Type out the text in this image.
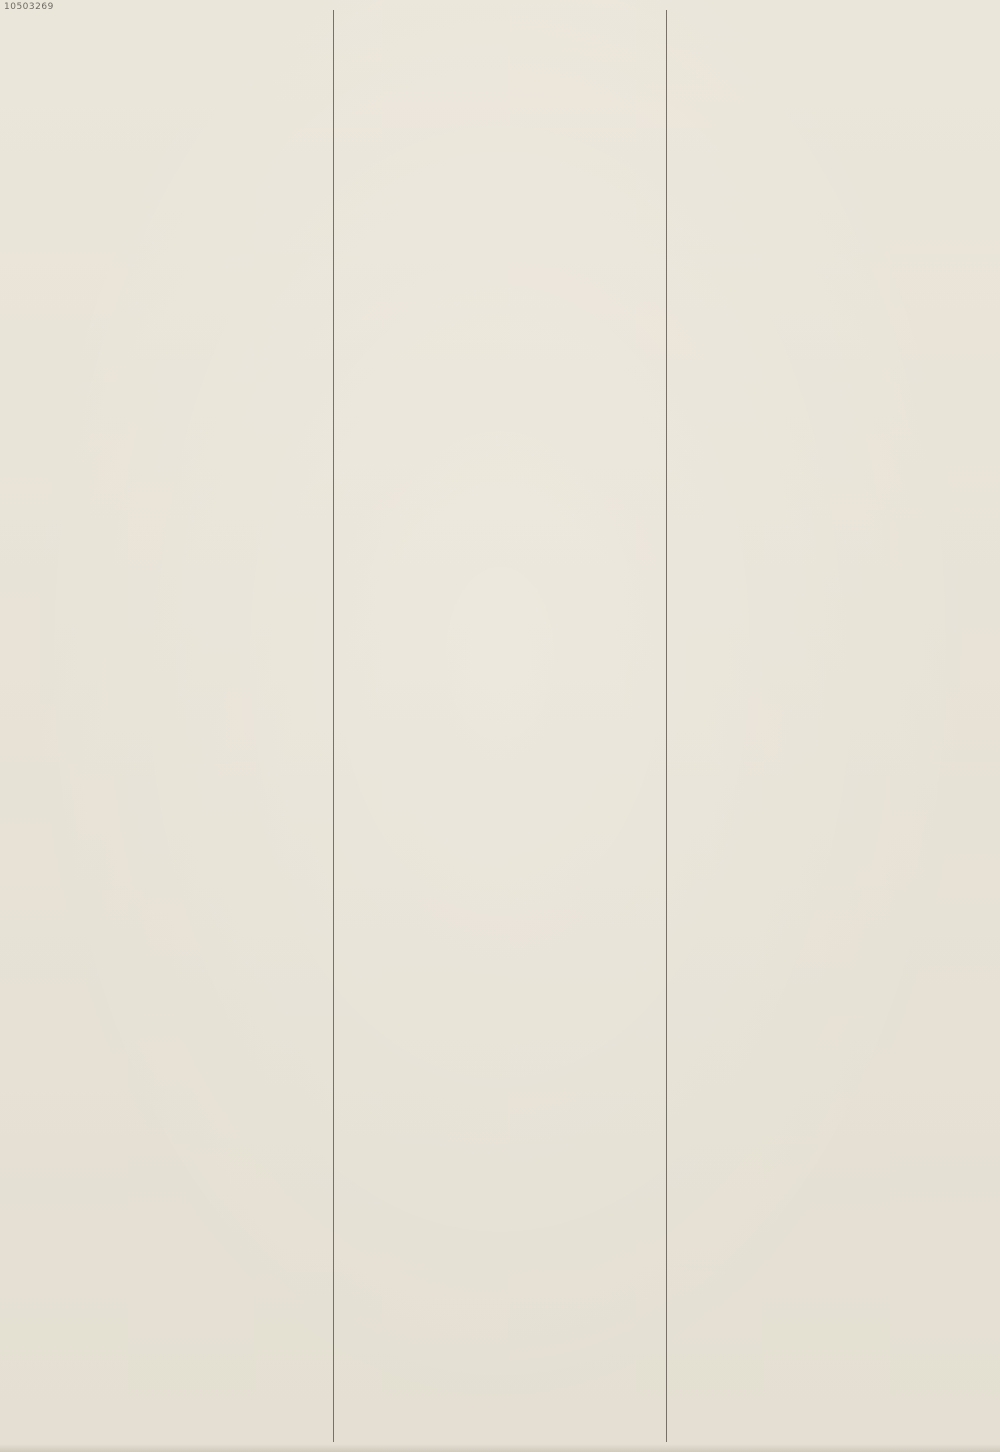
10503269
